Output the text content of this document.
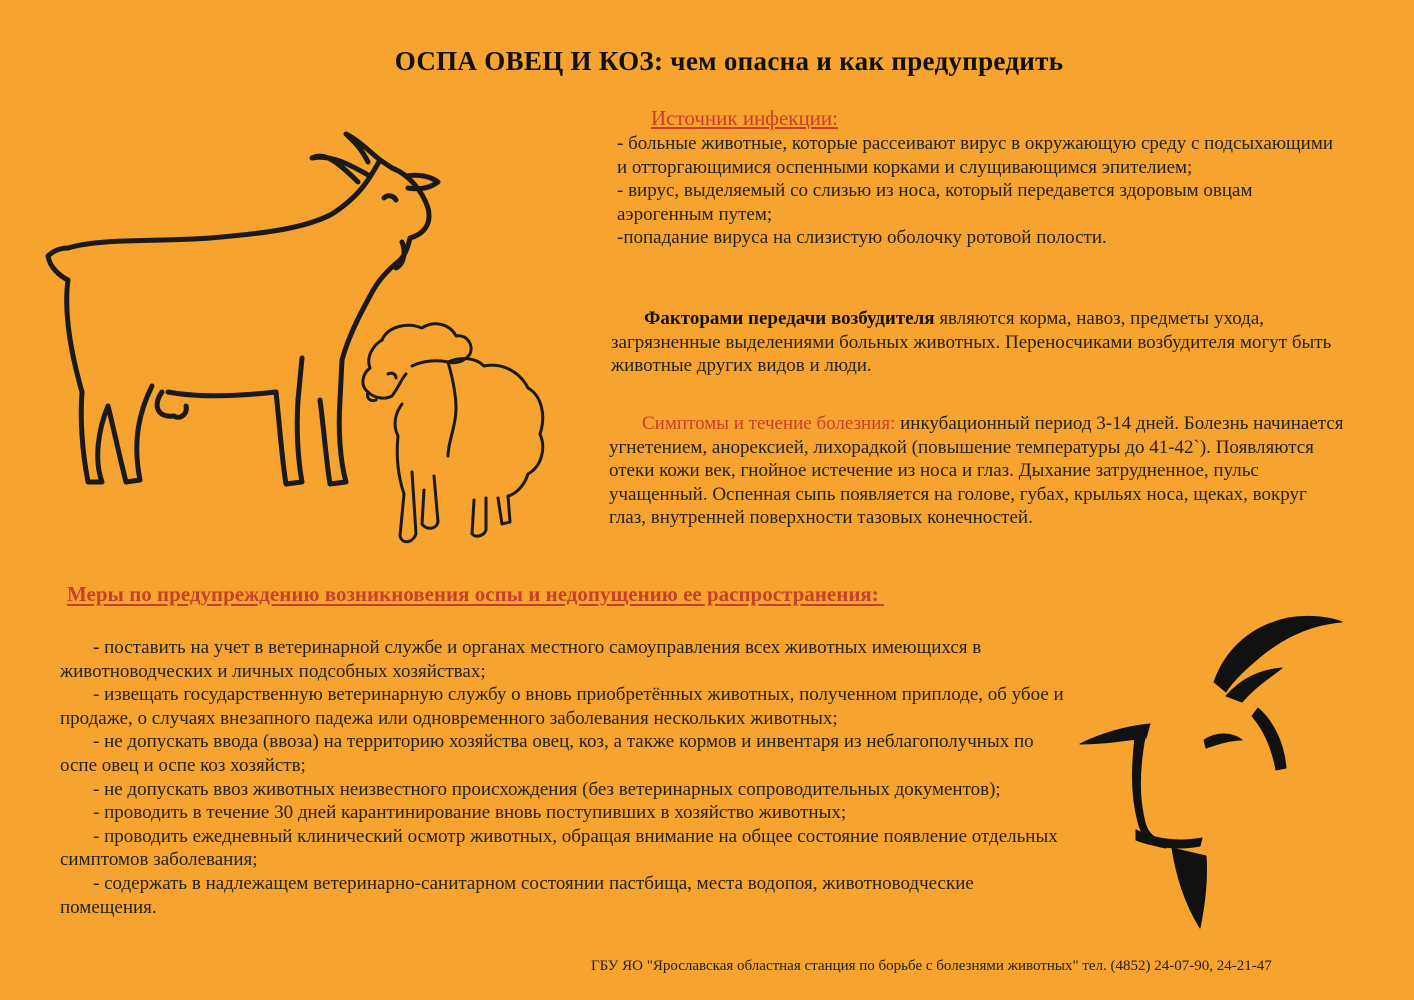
ОСПА ОВЕЦ И КОЗ: чем опасна и как предупредить
Источник инфекции:

- больные животные, которые рассеивают вирус в окружающую среду с подсыхающими и отторгающимися оспенными корками и слущивающимся эпителием;

- вирус, выделяемый со слизью из носа, который передавется здоровым овцам аэрогенным путем;

-попадание вируса на слизистую оболочку ротовой полости.

Факторами передачи возбудителя являются корма, навоз, предметы ухода, загрязненные выделениями больных животных. Переносчиками возбудителя могут быть животные других видов и люди.
Симптомы и течение болезния: инкубационный период 3-14 дней. Болезнь начинается угнетением, анорексией, лихорадкой (повышение температуры до 41-42`). Появляются отеки кожи век, гнойное истечение из носа и глаз. Дыхание затрудненное, пульс учащенный. Оспенная сыпь появляется на голове, губах, крыльях носа, щеках, вокруг глаз, внутренней поверхности тазовых конечностей.
Меры по предупреждению возникновения оспы и недопущению ее распространения:

- поставить на учет в ветеринарной службе и органах местного самоуправления всех животных имеющихся в животноводческих и личных подсобных хозяйствах;

- извещать государственную ветеринарную службу о вновь приобретённых животных, полученном приплоде, об убое и продаже, о случаях внезапного падежа или одновременного заболевания нескольких животных;

- не допускать ввода (ввоза) на территорию хозяйства овец, коз, а также кормов и инвентаря из неблагополучных по оспе овец и оспе коз хозяйств;

- не допускать ввоз животных неизвестного происхождения (без ветеринарных сопроводительных документов);

- проводить в течение 30 дней карантинирование вновь поступивших в хозяйство животных;

- проводить ежедневный клинический осмотр животных, обращая внимание на общее состояние появление отдельных симптомов заболевания;

- содержать в надлежащем ветеринарно-санитарном состоянии пастбища, места водопоя, животноводческие помещения.

ГБУ ЯО "Ярославская областная станция по борьбе с болезнями животных" тел. (4852) 24-07-90, 24-21-47
